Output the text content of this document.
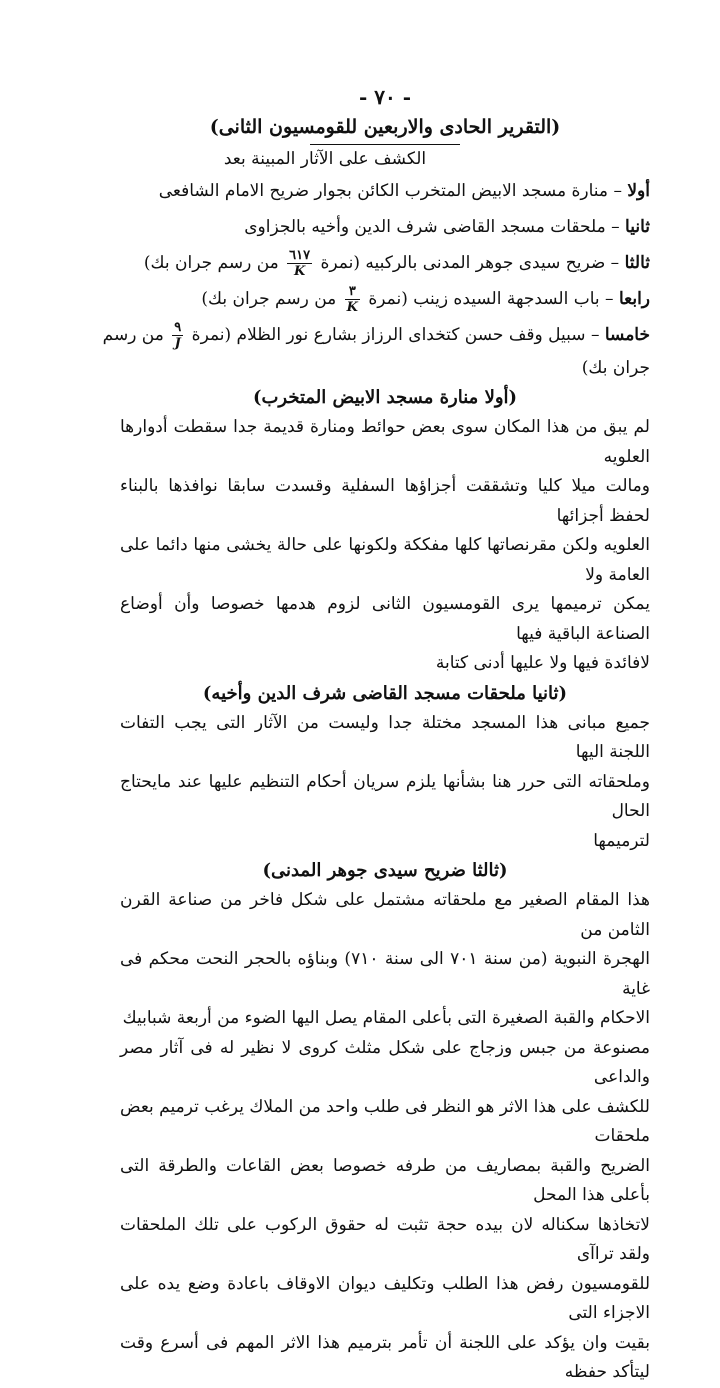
- ٧٠ -
(التقرير الحادى والاربعين للقومسيون الثانى)
الكشف على الآثار المبينة بعد
أولا – منارة مسجد الابيض المتخرب الكائن بجوار ضريح الامام الشافعى
ثانيا – ملحقات مسجد القاضى شرف الدين وأخيه بالجزاوى
ثالثا – ضريح سيدى جوهر المدنى بالركبيه (نمرة
$\frac{٦١٧}{K}$
من رسم جران بك)
رابعا – باب السدجهة السيده زينب (نمرة
$\frac{٣}{K}$
من رسم جران بك)
خامسا – سبيل وقف حسن كتخداى الرزاز بشارع نور الظلام (نمرة
$\frac{٩}{J}$
من رسم
جران بك)
(أولا منارة مسجد الابيض المتخرب)
لم يبق من هذا المكان سوى بعض حوائط ومنارة قديمة جدا سقطت أدوارها العلويه
ومالت ميلا كليا وتشققت أجزاؤها السفلية وقسدت سابقا نوافذها بالبناء لحفظ أجزائها
العلويه ولكن مقرنصاتها كلها مفككة ولكونها على حالة يخشى منها دائما على العامة ولا
يمكن ترميمها يرى القومسيون الثانى لزوم هدمها خصوصا وأن أوضاع الصناعة الباقية فيها
لافائدة فيها ولا عليها أدنى كتابة
(ثانيا ملحقات مسجد القاضى شرف الدين وأخيه)
جميع مبانى هذا المسجد مختلة جدا وليست من الآثار التى يجب التفات اللجنة اليها
وملحقاته التى حرر هنا بشأنها يلزم سريان أحكام التنظيم عليها عند مايحتاج الحال
لترميمها
(ثالثا ضريح سيدى جوهر المدنى)
هذا المقام الصغير مع ملحقاته مشتمل على شكل فاخر من صناعة القرن الثامن من
الهجرة النبوية (من سنة ٧٠١ الى سنة ٧١٠) وبناؤه بالحجر النحت محكم فى غاية
الاحكام والقبة الصغيرة التى بأعلى المقام يصل اليها الضوء من أربعة شبابيك
مصنوعة من جبس وزجاج على شكل مثلث كروى لا نظير له فى آثار مصر والداعى
للكشف على هذا الاثر هو النظر فى طلب واحد من الملاك يرغب ترميم بعض ملحقات
الضريح والقبة بمصاريف من طرفه خصوصا بعض القاعات والطرقة التى بأعلى هذا المحل
لاتخاذها سكناله لان بيده حجة تثبت له حقوق الركوب على تلك الملحقات ولقد تراآى
للقومسيون رفض هذا الطلب وتكليف ديوان الاوقاف باعادة وضع يده على الاجزاء التى
بقيت وان يؤكد على اللجنة أن تأمر بترميم هذا الاثر المهم فى أسرع وقت ليتأكد حفظه
